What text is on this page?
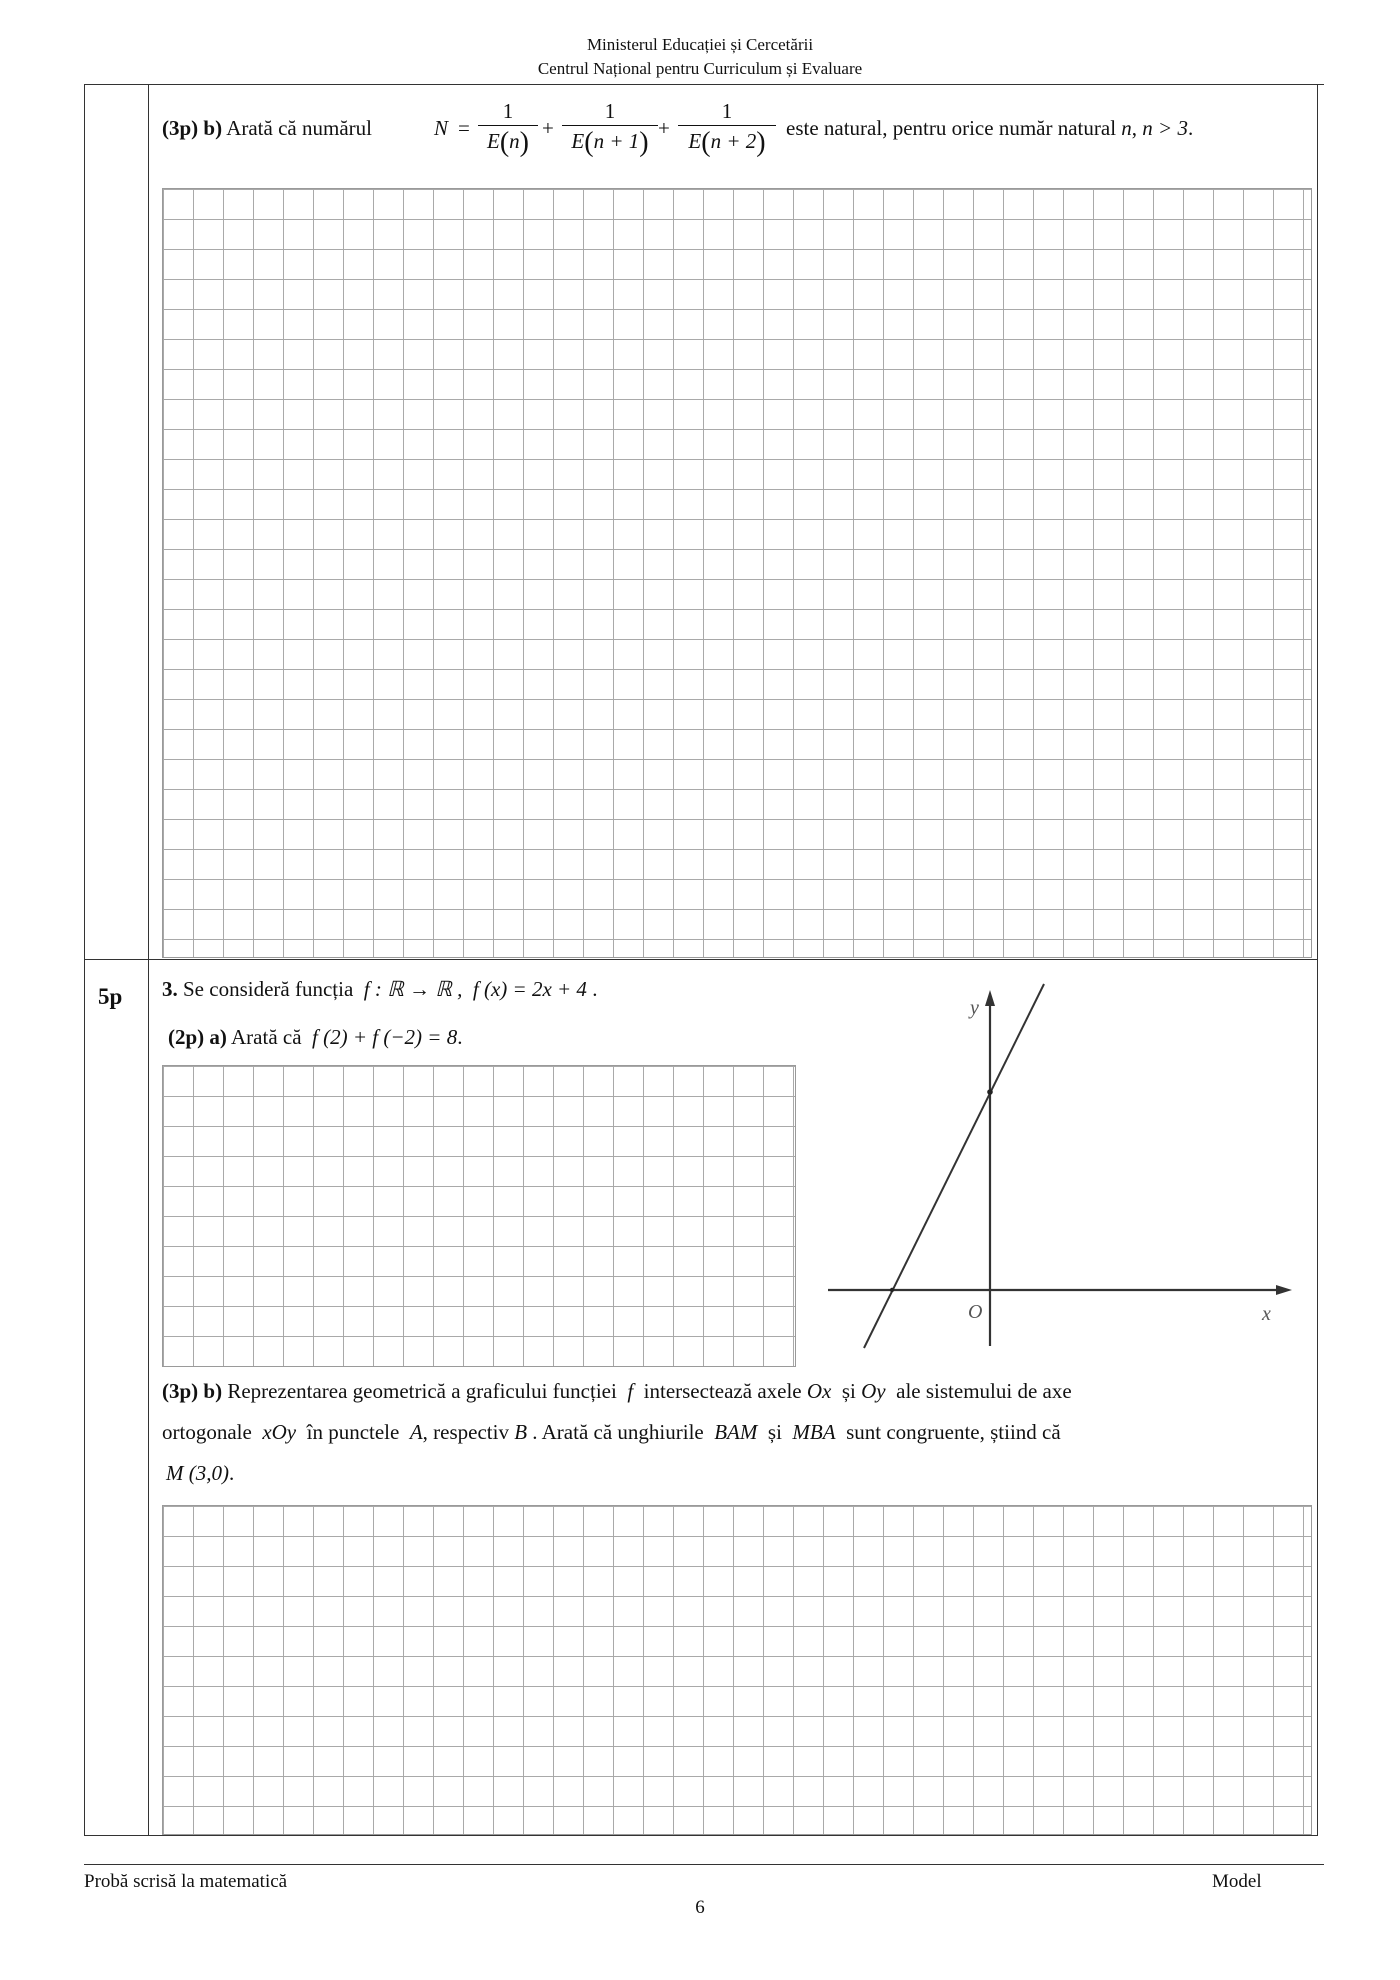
Ministerul Educației și Cercetării
Centrul Național pentru Curriculum și Evaluare
(3p) b) Arată că numărul	N =
1
E(n) +
1
E(n + 1) +
1
E(n + 2) este natural, pentru orice număr natural n, n > 3.
5p 3. Se consideră funcția f : ℝ → ℝ , f (x) = 2x + 4 .
(2p) a) Arată că f (2) + f (−2) = 8.
y
x
O
(3p) b) Reprezentarea geometrică a graficului funcției f intersectează axele Ox și Oy ale sistemului de axe
ortogonale xOy în punctele A, respectiv B . Arată că unghiurile BAM și MBA sunt congruente, știind că
M (3,0).
Probă scrisă la matematică	Model
6
